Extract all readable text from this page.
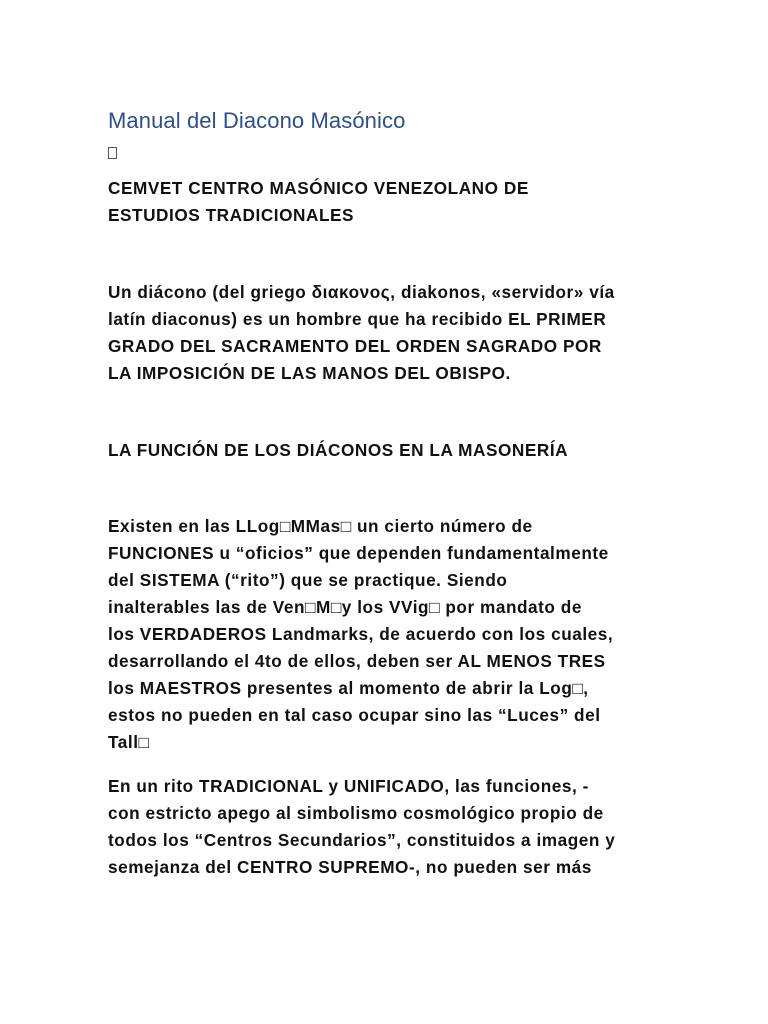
Manual del Diacono Masónico

CEMVET CENTRO MASÓNICO VENEZOLANO DE
ESTUDIOS TRADICIONALES

Un diácono (del griego διακονος, diakonos, «servidor» vía
latín diaconus) es un hombre que ha recibido EL PRIMER
GRADO DEL SACRAMENTO DEL ORDEN SAGRADO POR
LA IMPOSICIÓN DE LAS MANOS DEL OBISPO.

LA FUNCIÓN DE LOS DIÁCONOS EN LA MASONERÍA

Existen en las LLog□MMas□ un cierto número de
FUNCIONES u “oficios” que dependen fundamentalmente
del SISTEMA (“rito”) que se practique. Siendo
inalterables las de Ven□M□y los VVig□ por mandato de
los VERDADEROS Landmarks, de acuerdo con los cuales,
desarrollando el 4to de ellos, deben ser AL MENOS TRES
los MAESTROS presentes al momento de abrir la Log□,
estos no pueden en tal caso ocupar sino las “Luces” del
Tall□

En un rito TRADICIONAL y UNIFICADO, las funciones, -
con estricto apego al simbolismo cosmológico propio de
todos los “Centros Secundarios”, constituidos a imagen y
semejanza del CENTRO SUPREMO-, no pueden ser más
